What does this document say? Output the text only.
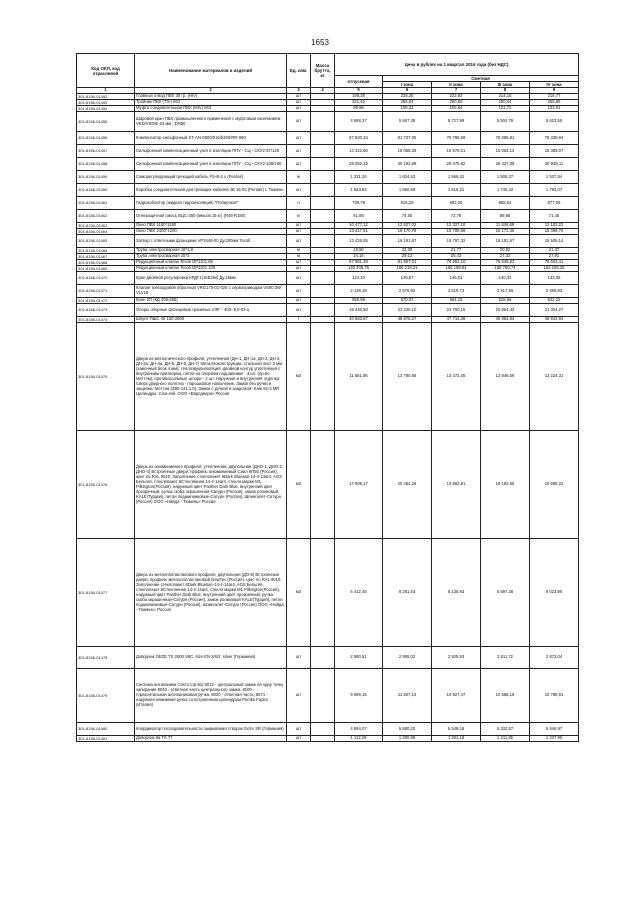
1653
Код ОКП, код отраслевой	Наименование материалов и изделий	Ед. изм.	Масса брутто, кг	Цена в рублях на 1 квартал 2016 года (без НДС)				
				отпускная	Сметная			
					I зона	II зона	III зона	IV зона
1	2	3	4	5	6	7	8	9
301-8156-01452	Главный отвод ПВХ 30 гр. (HIV)	шт		189,38	228,25	222,83	214,15	218,77
301-8156-01453	Тройник ПВХ (TIV) 063	шт		221,42	266,84	260,60	250,44	255,85
301-8156-01454	Муфта соединительная ПВХ (MIV) 063	шт		89,96	108,42	105,84	101,72	103,91
301-8156-01455	Шаровой кран ПВХ промышленного применения с муфтовым окончанием VKD/VKDIE 63 мм , DN50	шт		4 668,37	5 667,36	5 727,99	5 504,76	5 623,50
301-8156-01456	Компенсатор сильфонный ST-AN-0500/016/b200/RR-660	шт		67 820,34	81 737,05	79 795,59	76 685,81	78 339,94
301-8156-01457	Сильфонный компенсационный узел в изоляции ППУ - СЦ - СКУ2-57/125	шт		13 322,60	16 056,39	15 675,01	15 064,13	15 389,07
301-8156-01458	Сильфонный компенсационный узел в изоляции ППУ - СЦ - СКУ2-108/180	шт		25 052,25	30 192,98	29 475,82	28 327,09	28 938,11
301-8156-01459	Саморегулирующий греющий кабель FS-B-2 x (Pentair)	м		1 331,34	1 604,53	1 566,42	1 505,37	1 537,84
301-8156-01460	Коробка соединительная для греющих кабелей JB 16-02 (Pentair) г. Тюмень	шт		1 543,84	1 860,59	1 816,21	1 745,42	1 783,07
301-8156-01461	Гидрозобоитор (жидкая гидроизоляция) "Полирэкол"	л		739,79	915,19	693,36	858,54	877,06
301-8156-01462	Огнезащитная смесь ВЦС-350 (мешок 15 кг) (R45-R180)	кг		61,88	74,55	72,78	69,95	71,45
301-8156-01463	Окно ПВХ 1180*1180	шт		10 477,12	12 627,02	12 327,10	11 846,69	12 102,22
301-8156-01464	Окно ПВХ 2400*1200	шт		13 417,51	16 170,78	15 786,68	15 171,45	15 498,70
301-8156-01465	Затвор с ответными фланцами VP3448-00 Ду.200мм Tecofi	шт		13 426,55	16 181,67	15 797,32	15 181,67	15 509,14
301-8156-01466	Труба электросварная 18*1,8	м		18,50	22,30	21,77	20,92	21,37
301-8156-01467	Труба электросварная 25*2	м		24,16	29,12	28,43	27,32	27,91
301-8156-01468	Редукционный клапан Tecofi DP1101 65	шт		67 961,38	81 907,01	79 962,10	76 645,83	78 503,41
301-8156-01469	Редукционный клапан Tecofi DP1101 100	шт		140 406,76	169 218,21	165 199,84	158 760,74	162 185,25
301-8156-01470	Кран двойной регулировки КРДГ1(15E25к) Ду.15мм	шт		124,10	149,57	146,01	140,32	143,35
301-8156-01471	Клапан трехходовой обратный VRG170-01-025 с сервоприводом VS00 3W VLV18	шт		2 138,18	2 576,93	2 515,73	2 417,66	2 469,83
301-8156-01472	Кран 2П (КД 409-265)	шт		555,98	670,07	654,15	628,66	642,22
301-8156-01473	Опоры опорные фланцевые граненые СФГ - 400- 9,0-02-ц	шт		18 440,50	22 228,10	21 700,15	20 854,43	21 304,27
301-8156-01474	Шпунт ПШС 40 150-2600	т		40 563,87	48 875,27	47 714,38	45 854,84	46 843,94
301-8156-01475	Двери из металлического профиля, утепленная (ДН-1, ДН-1а, ДН-2, ДН-3, ДН-3а, ДН-4а, ДН-5, ДН-6, ДН-7) Металлоконструкции: стальной лист 2 мм (замочный блок 4 мм); теплозвукоизоляция: двойной контур уплотнения с внутренним притвором, петли на опорном подшипнике - 3 шт. (пр-во Меттэм); противосъемные штыри - 2 шт. Наружная и внутренняя отделка: Сверх дверного полотна - порошковое напыление. Замок без ручки и защелки: Меттэм (ЗВ8 141.1.0). Замок с ручкой и защелкой: Kale 52-3 MR Цилиндры: Cisa-Asil. ООО «Евродвери» Россия	м2		11 881,95	13 780,56	13 472,45	12 946,56	13 224,31
301-8156-01476	Дверь из алюминиевого профиля, утепленная, двупольная (ДНО-1, ДНО-2, ДНО-4) Встроенные двери, профиль алюминиевый Сиал КП50 (Россия), цвет по RAL 9010. Заполнение стеклопакет 6Dark Bluesan-14-4-14ar4, AGS Бельгия, стеклопакет 6Стеклянная 14-4-14ar4, стекло марки М1 Pilkington(Россия), наружный цвет Panther Dark Blue, внутренний цвет прозрачный, ручка скоба окрашенная-Сатурн (Россия), замок роликовый KALE(Турция), петли подшипниковые-Сатурн (Россия), Шпингалет-Сатурн (Россия) ООО «Найда - Тюмень» Россия	м2		17 905,17	20 454,26	19 962,91	19 183,66	19 595,22
301-8156-01477	Дверь из металлопластикового профиля, двупольная (ДО-5) Встроенные двери, профиль металлопластиковый NewTec (Россия), цвет по RAL 9010. Заполнение стеклопакет 6Dark Bluesan-14-4-14ar4, AGS Бельгия, стеклопакет 6Стеклянная 14-4-14ar4, стекло марки М1 Pilkington(Россия), наружный цвет Panther Dark Blue, внутренний цвет прозрачный, ручка скоба окрашенная-Сатурн (Россия), замок роликовый KALE(Турция), петли подшипниковые-Сатурн (Россия), Шпингалет-Сатурн (Россия) ООО «Найда - Тюмень» Россия	м2		5 412,45	6 281,53	6 136,93	5 897,38	6 023,90
301-8156-01478	Доводчик GEZE TS 2000 V8C, size EN 2/6/2, silver (Германия)	шт		2 580,51	2 995,02	2 925,93	2 811,72	2 872,04
301-8156-01479	Система антипаники Сокто (пр-во) 8012 - центральный замок на одну точку запирания 8040 - ответная часть центрального замка, 8100 - горизонтальная антипаниковая ручка, 8020 - ответная часть, 8571 - наружная нажимная ручка со встроенным цилиндром Pemko Fapim (Италия)	шт		9 699,15	11 267,13	10 927,47	10 568,19	10 796,81
301-8156-01480	Координатор последовательности закрывания створок Geze SR (Германия)	шт		4 894,07	5 680,20	5 549,18	5 332,57	5 446,97
301-8156-01481	Доводчик Ita TS 77	шт		1 112,29	1 290,98	1 261,18	1 211,95	1 237,95
